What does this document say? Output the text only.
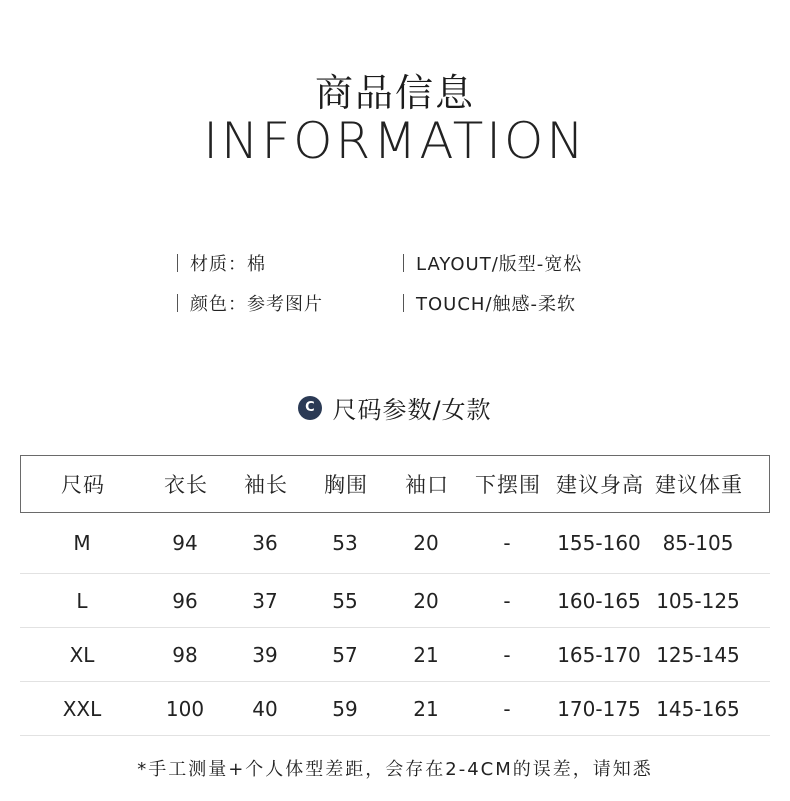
商品信息
INFORMATION
材质：棉	LAYOUT/版型-宽松
颜色：参考图片	TOUCH/触感-柔软
C 尺码参数/女款
尺码	衣长	袖长	胸围	袖口	下摆围 建议身高 建议体重
M	94	36	53	20	-	155-160	85-105
L	96	37	55	20	-	160-165 105-125
XL	98	39	57	21	-	165-170 125-145
XXL	100	40	59	21	-	170-175 145-165
*手工测量+个人体型差距，会存在2-4CM的误差，请知悉
